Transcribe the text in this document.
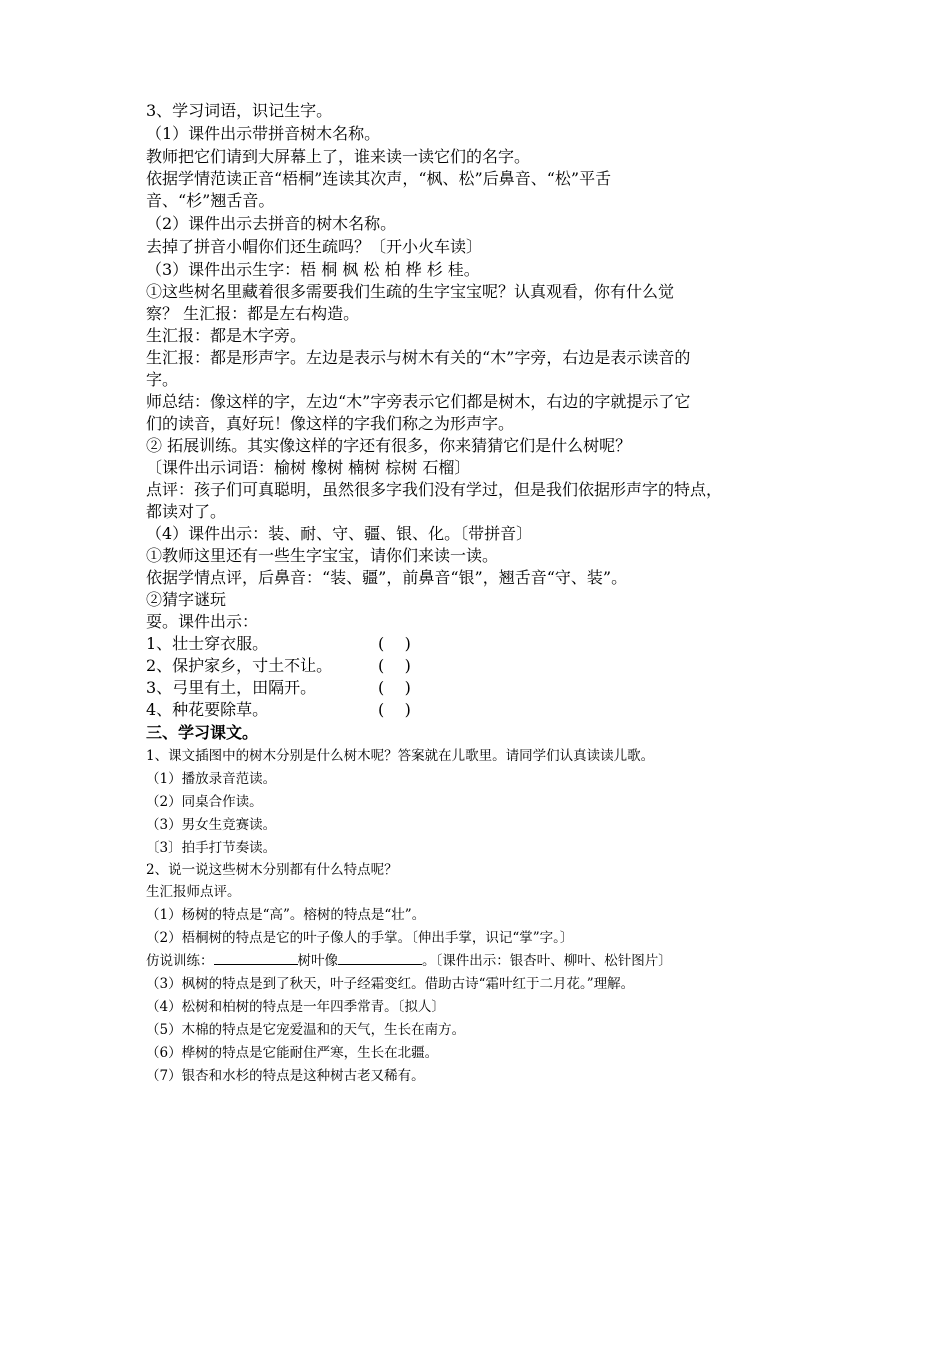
3、学习词语，识记生字。

（1）课件出示带拼音树木名称。

教师把它们请到大屏幕上了，谁来读一读它们的名字。

依据学情范读正音“梧桐”连读其次声，“枫、松”后鼻音、“松”平舌

音、“杉”翘舌音。

（2）课件出示去拼音的树木名称。

去掉了拼音小帽你们还生疏吗？〔开小火车读〕

（3）课件出示生字：梧 桐 枫 松 柏 桦 杉 桂。

①这些树名里藏着很多需要我们生疏的生字宝宝呢？认真观看，你有什么觉

察？ 生汇报：都是左右构造。

生汇报：都是木字旁。

生汇报：都是形声字。左边是表示与树木有关的“木”字旁，右边是表示读音的

字。

师总结：像这样的字，左边“木”字旁表示它们都是树木，右边的字就提示了它

们的读音，真好玩！像这样的字我们称之为形声字。

② 拓展训练。其实像这样的字还有很多，你来猜猜它们是什么树呢？

〔课件出示词语：榆树 橡树 楠树 棕树 石榴〕

点评：孩子们可真聪明，虽然很多字我们没有学过，但是我们依据形声字的特点，

都读对了。

（4）课件出示：装、耐、守、疆、银、化。〔带拼音〕

①教师这里还有一些生字宝宝，请你们来读一读。

依据学情点评，后鼻音：“装、疆”，前鼻音“银”，翘舌音“守、装”。

②猜字谜玩

耍。课件出示：

1、壮士穿衣服。	(    )

2、保护家乡，寸土不让。	(    )

3、弓里有土，田隔开。	(    )

4、种花要除草。	(    )

三、学习课文。

1、课文插图中的树木分别是什么树木呢？答案就在儿歌里。请同学们认真读读儿歌。

（1）播放录音范读。

（2）同桌合作读。

（3）男女生竞赛读。

〔3〕拍手打节奏读。

2、说一说这些树木分别都有什么特点呢？

生汇报师点评。

（1）杨树的特点是“高”。榕树的特点是“壮”。

（2）梧桐树的特点是它的叶子像人的手掌。〔伸出手掌，识记“掌”字。〕

仿说训练：	树叶像	。〔课件出示：银杏叶、柳叶、松针图片〕

（3）枫树的特点是到了秋天，叶子经霜变红。借助古诗“霜叶红于二月花。”理解。

（4）松树和柏树的特点是一年四季常青。〔拟人〕

（5）木棉的特点是它宠爱温和的天气，生长在南方。

（6）桦树的特点是它能耐住严寒，生长在北疆。

（7）银杏和水杉的特点是这种树古老又稀有。
